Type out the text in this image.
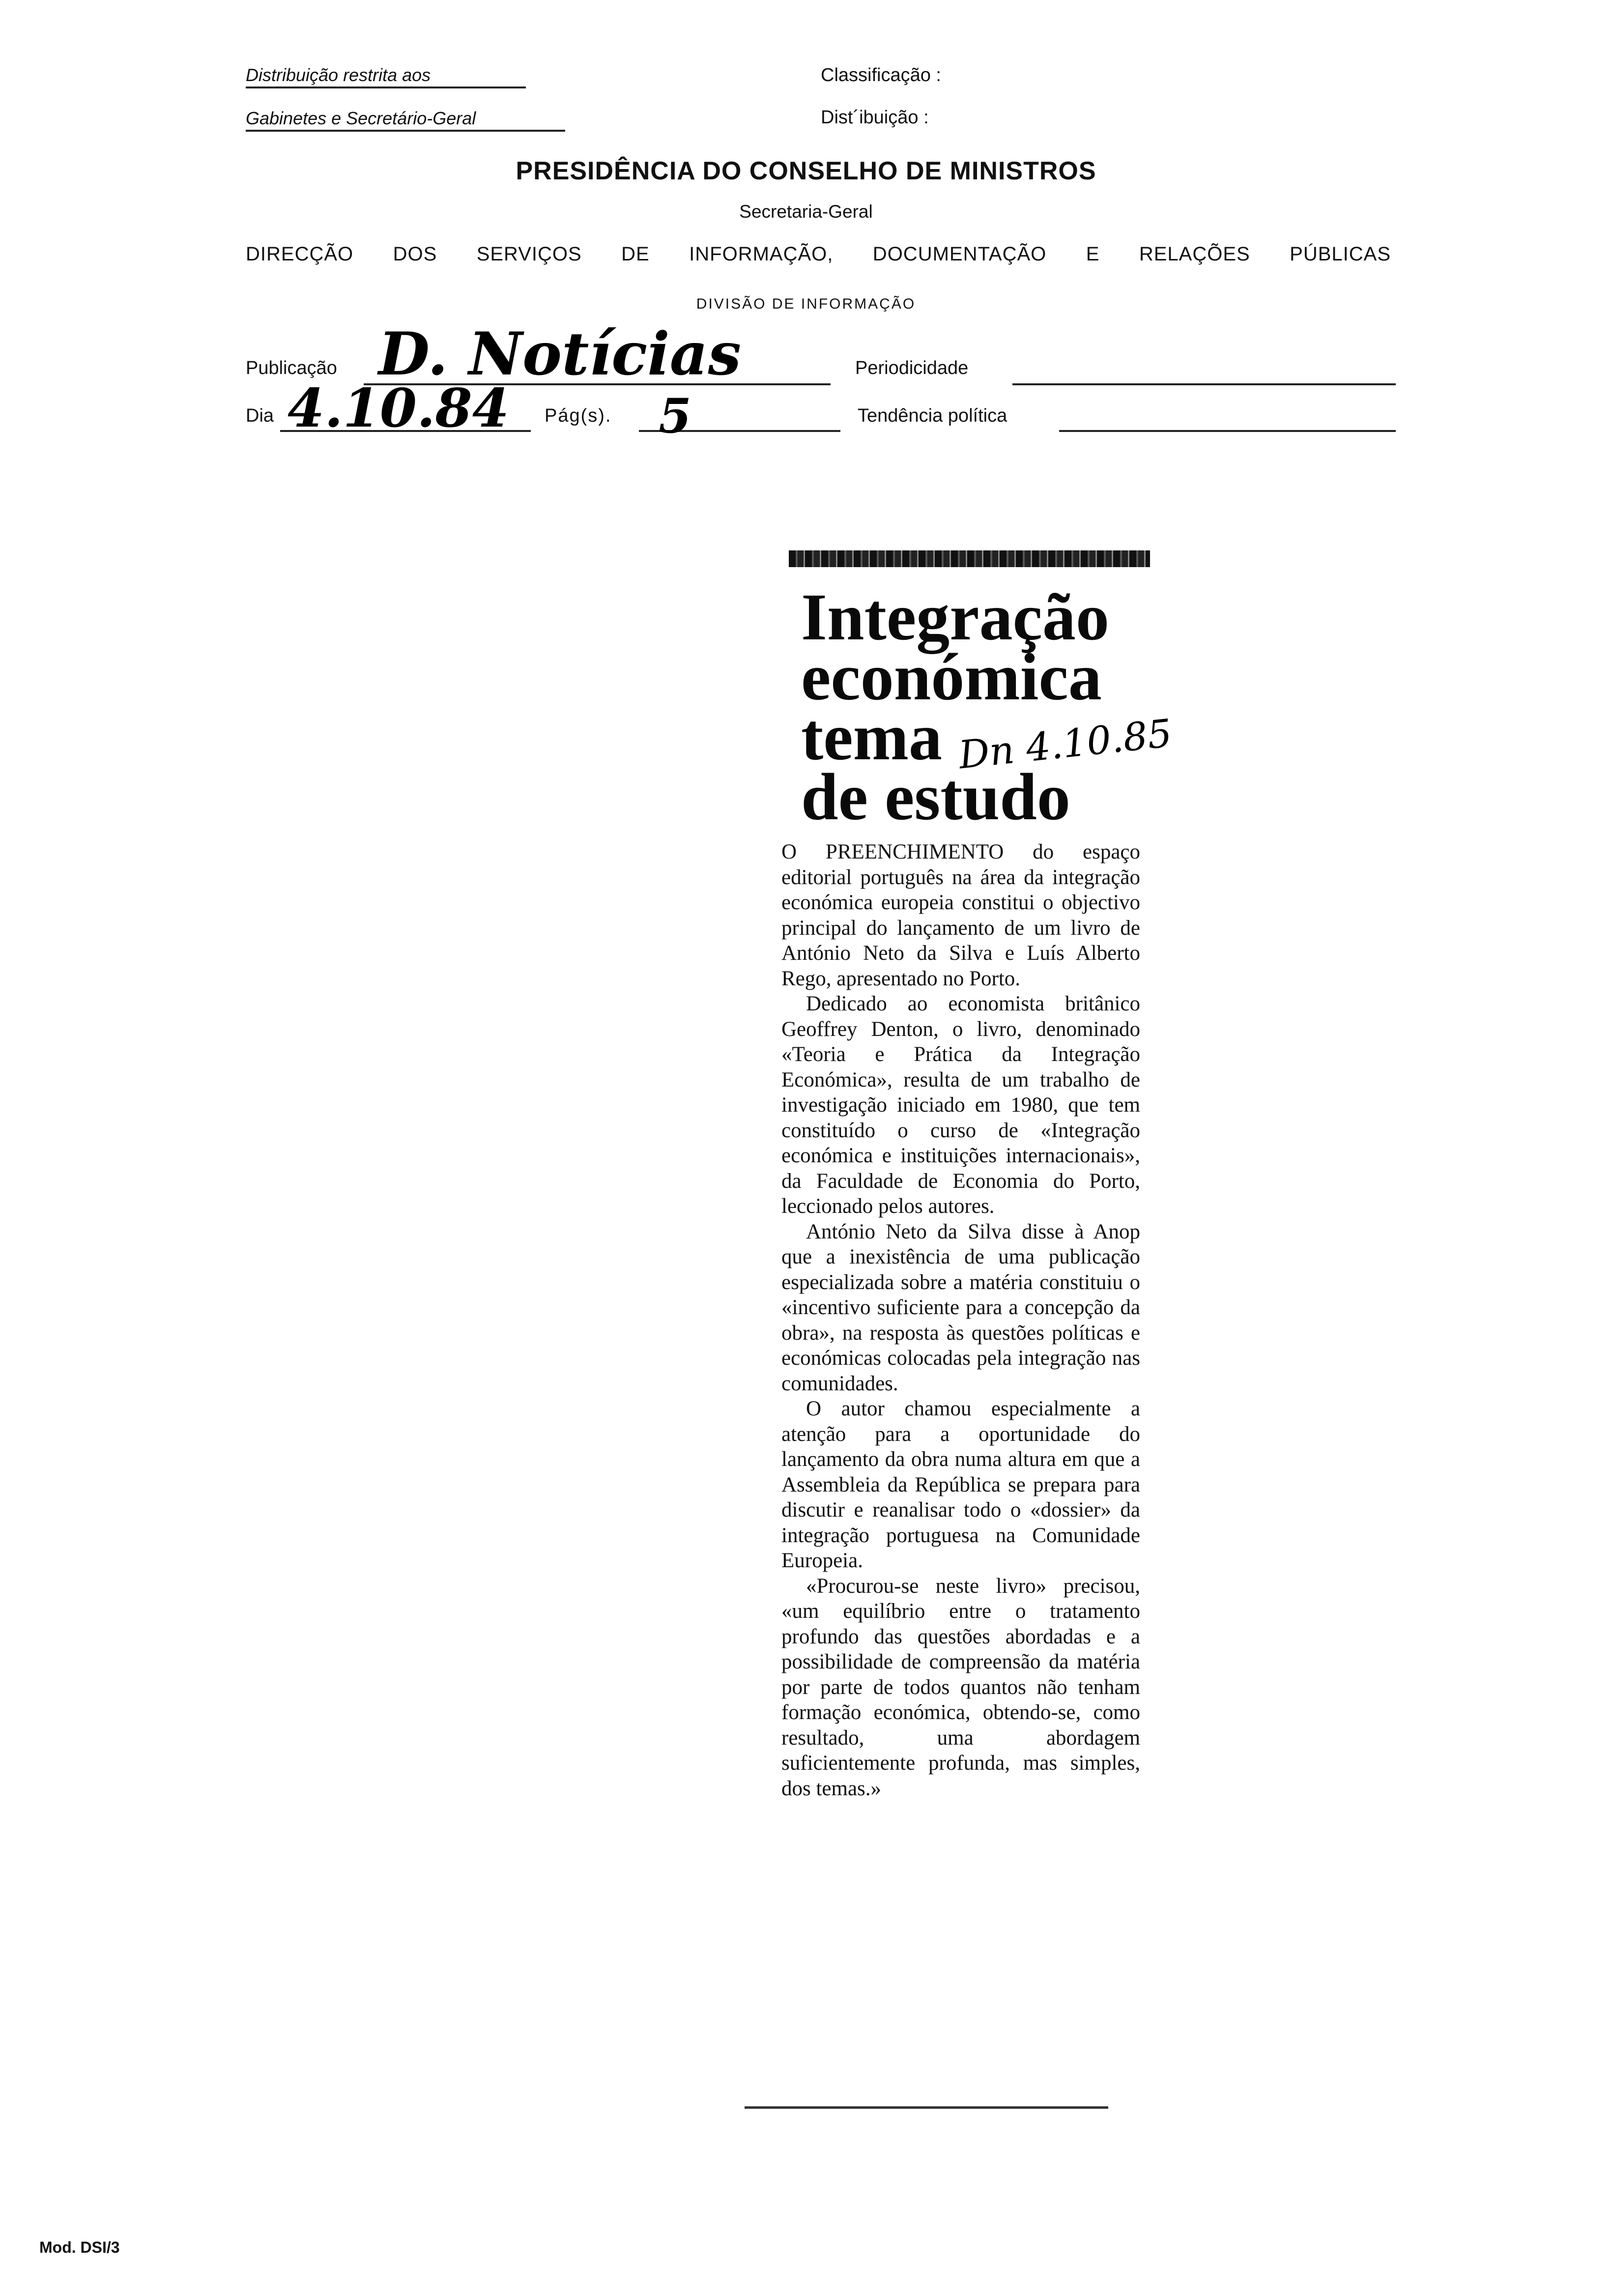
Distribuição restrita aos
Gabinetes e Secretário-Geral
Classificação :
Dist´ibuição :
PRESIDÊNCIA DO CONSELHO DE MINISTROS
Secretaria-Geral
DIRECÇÃO DOS SERVIÇOS DE INFORMAÇÃO, DOCUMENTAÇÃO E RELAÇÕES PÚBLICAS
DIVISÃO DE INFORMAÇÃO
Publicação D. Notícias	Periodicidade
Dia 4.10.84 Pág(s). 5	Tendência política
Integração
económica
tema
de estudo
Dn 4.10.85

O PREENCHIMENTO do espaço editorial português na área da integração económica europeia constitui o objectivo principal do lançamento de um livro de António Neto da Silva e Luís Alberto Rego, apresentado no Porto.

Dedicado ao economista britânico Geoffrey Denton, o livro, denominado «Teoria e Prática da Integração Económica», resulta de um trabalho de investigação iniciado em 1980, que tem constituído o curso de «Integração económica e instituições internacionais», da Faculdade de Economia do Porto, leccionado pelos autores.

António Neto da Silva disse à Anop que a inexistência de uma publicação especializada sobre a matéria constituiu o «incentivo suficiente para a concepção da obra», na resposta às questões políticas e económicas colocadas pela integração nas comunidades.

O autor chamou especialmente a atenção para a oportunidade do lançamento da obra numa altura em que a Assembleia da República se prepara para discutir e reanalisar todo o «dossier» da integração portuguesa na Comunidade Europeia.

«Procurou-se neste livro» precisou, «um equilíbrio entre o tratamento profundo das questões abordadas e a possibilidade de compreensão da matéria por parte de todos quantos não tenham formação económica, obtendo-se, como resultado, uma abordagem suficientemente profunda, mas simples, dos temas.»

Mod. DSI/3
